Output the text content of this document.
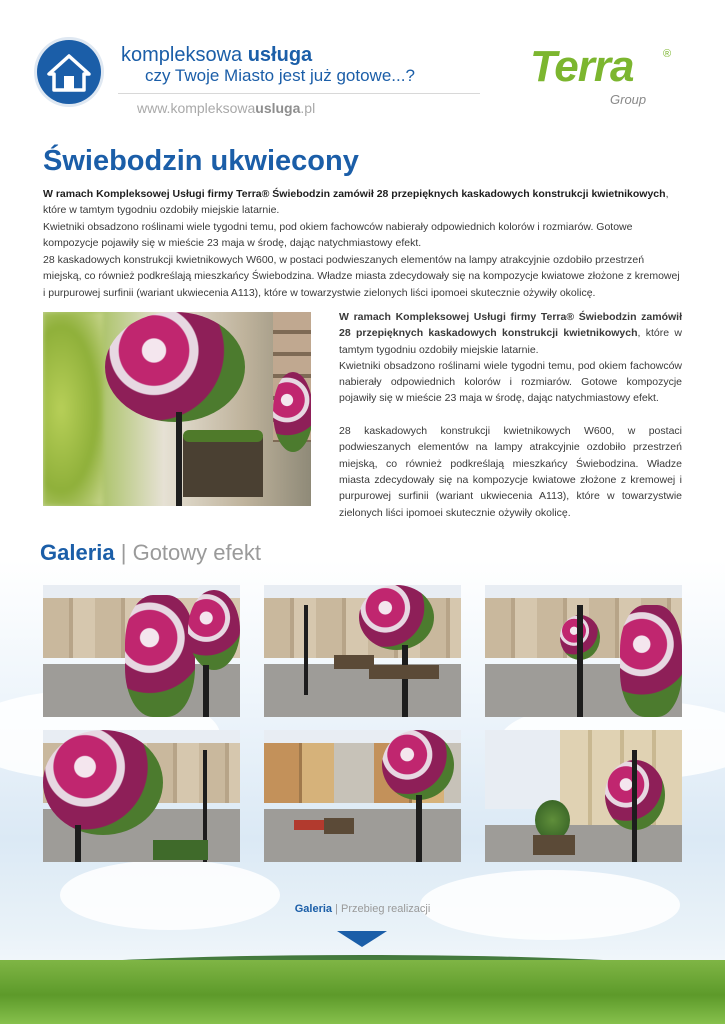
kompleksowa usługa
czy Twoje Miasto jest już gotowe...?
www.kompleksowausluga.pl
Terra	®
Group
Świebodzin ukwiecony

W ramach Kompleksowej Usługi firmy Terra® Świebodzin zamówił 28 przepięknych kaskadowych konstrukcji kwietnikowych, które w tamtym tygodniu ozdobiły miejskie latarnie.

Kwietniki obsadzono roślinami wiele tygodni temu, pod okiem fachowców nabierały odpowiednich kolorów i rozmiarów. Gotowe kompozycje pojawiły się w mieście 23 maja w środę, dając natychmiastowy efekt.

28 kaskadowych konstrukcji kwietnikowych W600, w postaci podwieszanych elementów na lampy atrakcyjnie ozdobiło przestrzeń miejską, co również podkreślają mieszkańcy Świebodzina. Władze miasta zdecydowały się na kompozycje kwiatowe złożone z kremowej i purpurowej surfinii (wariant ukwiecenia A113), które w towarzystwie zielonych liści ipomoei skutecznie ożywiły okolicę.

W ramach Kompleksowej Usługi firmy Terra® Świebodzin zamówił 28 przepięknych kaskadowych konstrukcji kwietnikowych, które w tamtym tygodniu ozdobiły miejskie latarnie.
Kwietniki obsadzono roślinami wiele tygodni temu, pod okiem fachowców nabierały odpowiednich kolorów i rozmiarów. Gotowe kompozycje pojawiły się w mieście 23 maja w środę, dając natychmiastowy efekt.

28 kaskadowych konstrukcji kwietnikowych W600, w postaci podwieszanych elementów na lampy atrakcyjnie ozdobiło przestrzeń miejską, co również podkreślają mieszkańcy Świebodzina. Władze miasta zdecydowały się na kompozycje kwiatowe złożone z kremowej i purpurowej surfinii (wariant ukwiecenia A113), które w towarzystwie zielonych liści ipomoei skutecznie ożywiły okolicę.
Galeria | Gotowy efekt
Galeria | Przebieg realizacji
